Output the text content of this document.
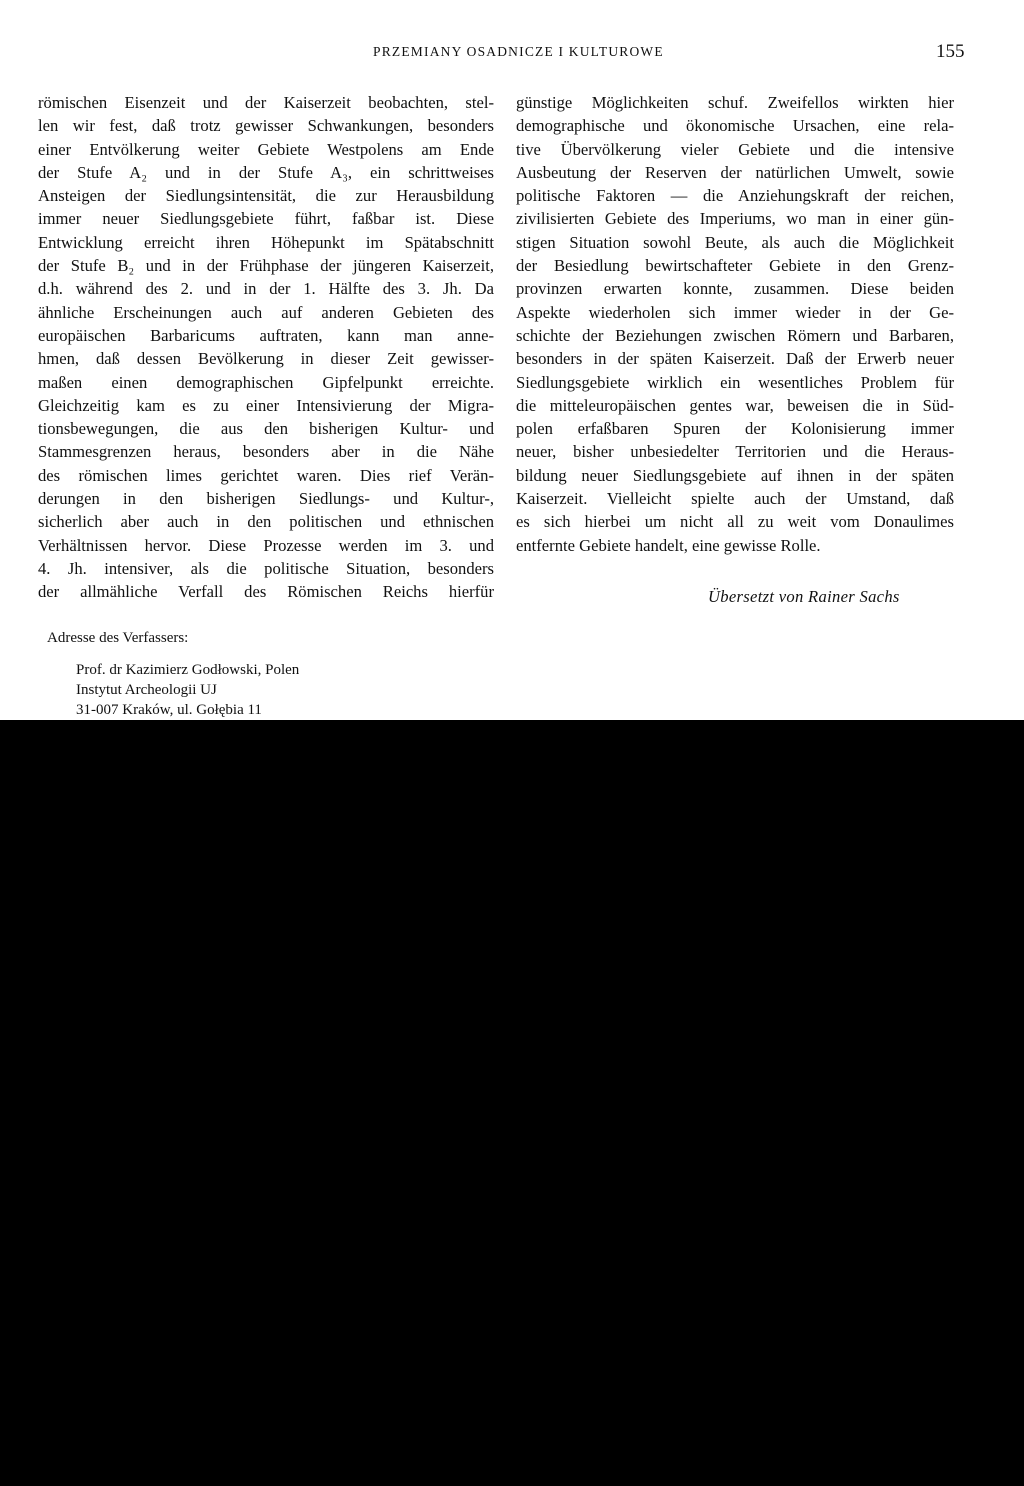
PRZEMIANY OSADNICZE I KULTUROWE	155
römischen Eisenzeit und der Kaiserzeit beobachten, stel-
len wir fest, daß trotz gewisser Schwankungen, besonders
einer Entvölkerung weiter Gebiete Westpolens am Ende
der Stufe A₂ und in der Stufe A₃, ein schrittweises
Ansteigen der Siedlungsintensität, die zur Herausbildung
immer neuer Siedlungsgebiete führt, faßbar ist. Diese
Entwicklung erreicht ihren Höhepunkt im Spätabschnitt
der Stufe B₂ und in der Frühphase der jüngeren Kaiserzeit,
d.h. während des 2. und in der 1. Hälfte des 3. Jh. Da
ähnliche Erscheinungen auch auf anderen Gebieten des
europäischen Barbaricums auftraten, kann man anne-
hmen, daß dessen Bevölkerung in dieser Zeit gewisser-
maßen einen demographischen Gipfelpunkt erreichte.
Gleichzeitig kam es zu einer Intensivierung der Migra-
tionsbewegungen, die aus den bisherigen Kultur- und
Stammesgrenzen heraus, besonders aber in die Nähe
des römischen limes gerichtet waren. Dies rief Verän-
derungen in den bisherigen Siedlungs- und Kultur-,
sicherlich aber auch in den politischen und ethnischen
Verhältnissen hervor. Diese Prozesse werden im 3. und
4. Jh. intensiver, als die politische Situation, besonders
der allmähliche Verfall des Römischen Reichs hierfür
günstige Möglichkeiten schuf. Zweifellos wirkten hier
demographische und ökonomische Ursachen, eine rela-
tive Übervölkerung vieler Gebiete und die intensive
Ausbeutung der Reserven der natürlichen Umwelt, sowie
politische Faktoren — die Anziehungskraft der reichen,
zivilisierten Gebiete des Imperiums, wo man in einer gün-
stigen Situation sowohl Beute, als auch die Möglichkeit
der Besiedlung bewirtschafteter Gebiete in den Grenz-
provinzen erwarten konnte, zusammen. Diese beiden
Aspekte wiederholen sich immer wieder in der Ge-
schichte der Beziehungen zwischen Römern und Barbaren,
besonders in der späten Kaiserzeit. Daß der Erwerb neuer
Siedlungsgebiete wirklich ein wesentliches Problem für
die mitteleuropäischen gentes war, beweisen die in Süd-
polen erfaßbaren Spuren der Kolonisierung immer
neuer, bisher unbesiedelter Territorien und die Heraus-
bildung neuer Siedlungsgebiete auf ihnen in der späten
Kaiserzeit. Vielleicht spielte auch der Umstand, daß
es sich hierbei um nicht all zu weit vom Donaulimes
entfernte Gebiete handelt, eine gewisse Rolle.
Übersetzt von Rainer Sachs
Adresse des Verfassers:
Prof. dr Kazimierz Godłowski, Polen
Instytut Archeologii UJ
31-007 Kraków, ul. Gołębia 11
